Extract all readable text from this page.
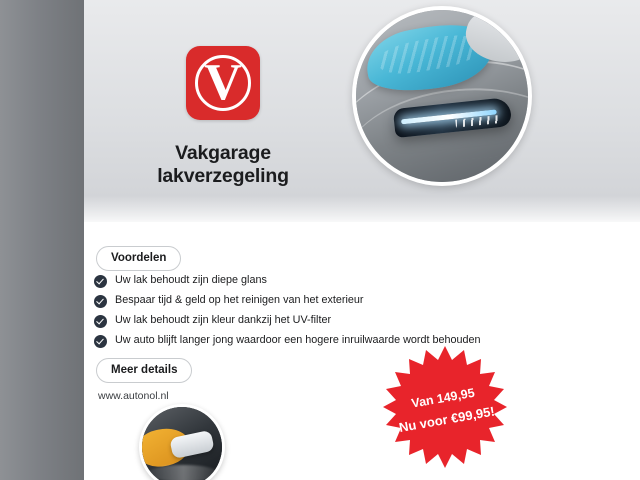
V
Vakgarage lakverzegeling
Voordelen
Uw lak behoudt zijn diepe glans
Bespaar tijd & geld op het reinigen van het exterieur
Uw lak behoudt zijn kleur dankzij het UV-filter
Uw auto blijft langer jong waardoor een hogere inruilwaarde wordt behouden
Meer details
www.autonol.nl	Van 149,95
Nu voor €99,95!
